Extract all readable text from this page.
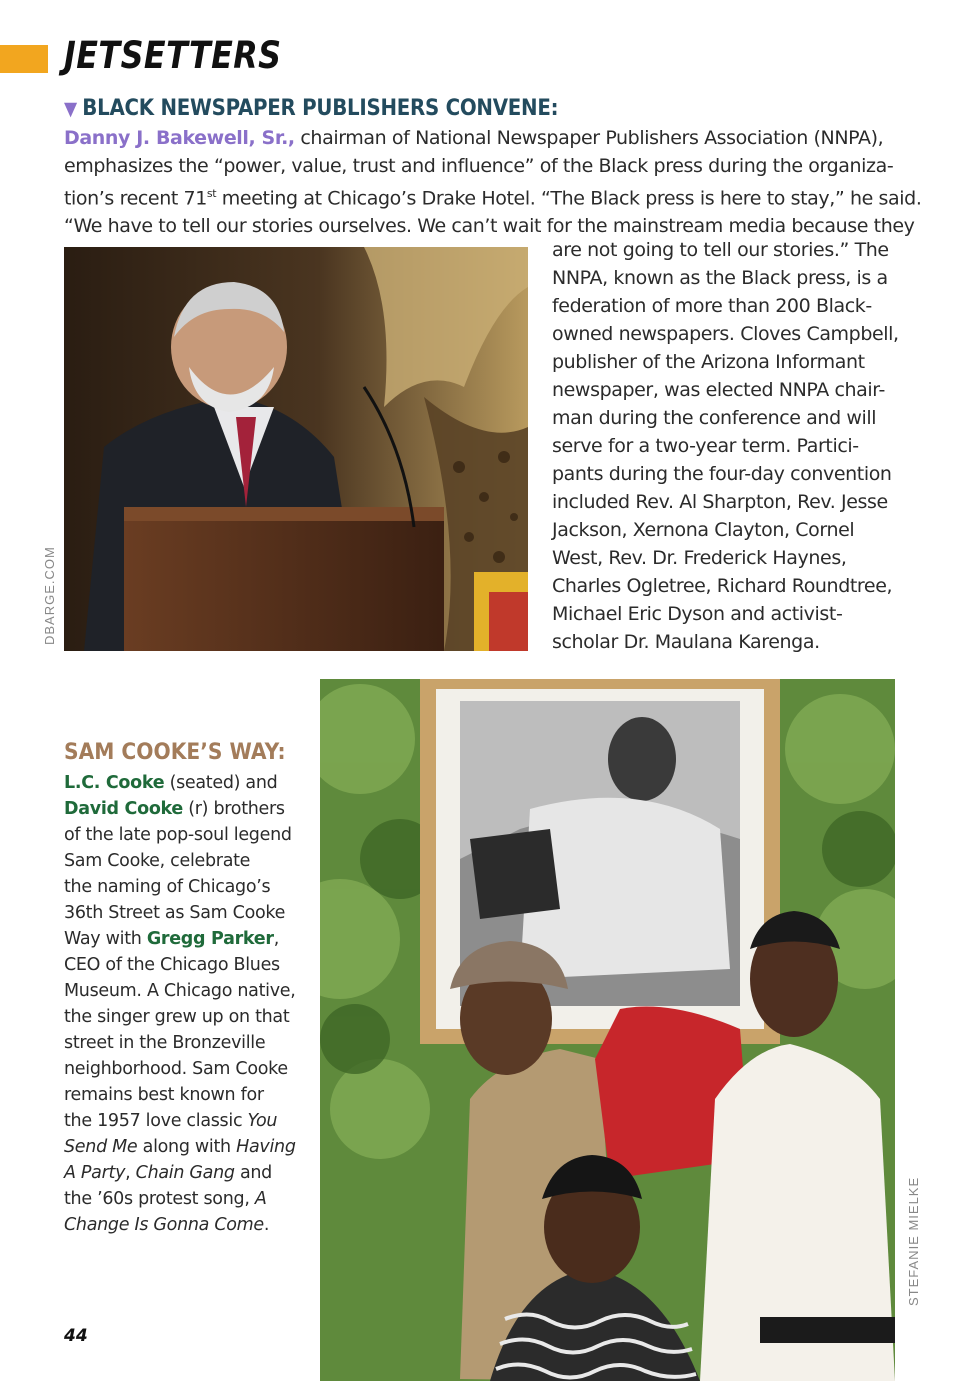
JETSETTERS
▼ BLACK NEWSPAPER PUBLISHERS CONVENE:

Danny J. Bakewell, Sr., chairman of National Newspaper Publishers Association (NNPA),
emphasizes the “power, value, trust and influence” of the Black press during the organiza-
tion’s recent 71st meeting at Chicago’s Drake Hotel. “The Black press is here to stay,” he said.
“We have to tell our stories ourselves. We can’t wait for the mainstream media because they

DBARGE.COM

are not going to tell our stories.” The
NNPA, known as the Black press, is a
federation of more than 200 Black-
owned newspapers. Cloves Campbell,
publisher of the Arizona Informant
newspaper, was elected NNPA chair-
man during the conference and will
serve for a two-year term. Partici-
pants during the four-day convention
included Rev. Al Sharpton, Rev. Jesse
Jackson, Xernona Clayton, Cornel
West, Rev. Dr. Frederick Haynes,
Charles Ogletree, Richard Roundtree,
Michael Eric Dyson and activist-
scholar Dr. Maulana Karenga.

STEFANIE MIELKE
SAM COOKE’S WAY:

L.C. Cooke (seated) and
David Cooke (r) brothers
of the late pop-soul legend
Sam Cooke, celebrate
the naming of Chicago’s
36th Street as Sam Cooke
Way with Gregg Parker,
CEO of the Chicago Blues
Museum. A Chicago native,
the singer grew up on that
street in the Bronzeville
neighborhood. Sam Cooke
remains best known for
the 1957 love classic You
Send Me along with Having
A Party, Chain Gang and
the ’60s protest song, A
Change Is Gonna Come.

44
